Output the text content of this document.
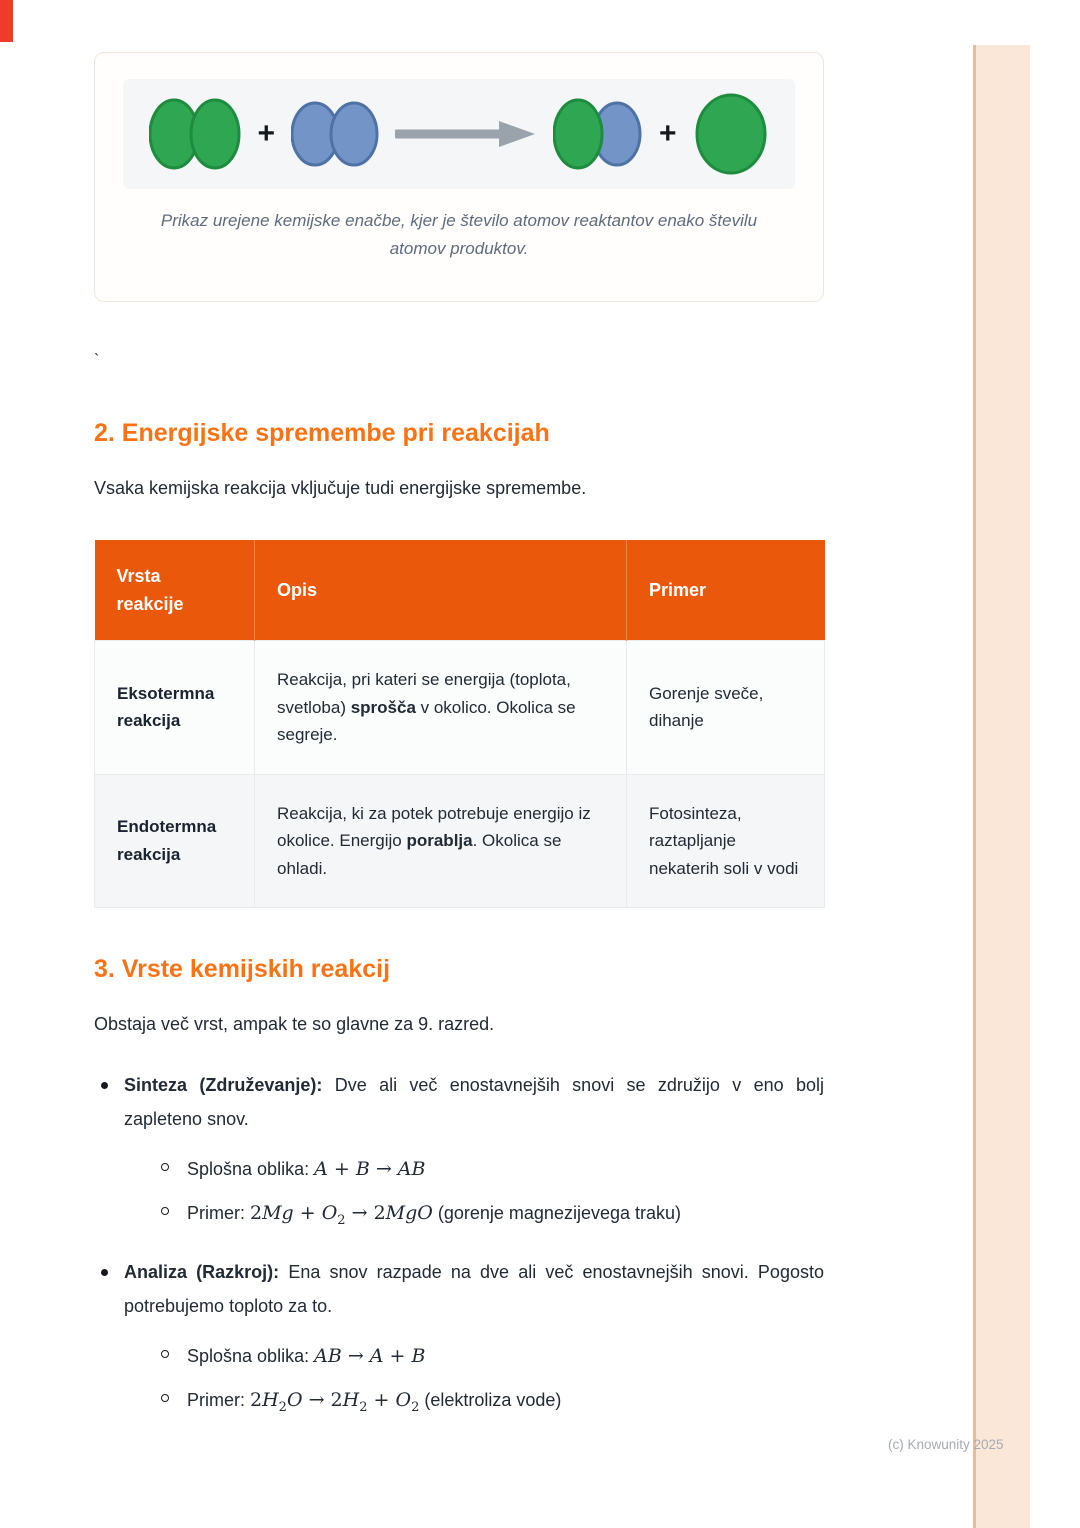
(c) Knowunity 2025
+	+
Prikaz urejene kemijske enačbe, kjer je število atomov reaktantov enako številu atomov produktov.
`
2. Energijske spremembe pri reakcijah

Vsaka kemijska reakcija vključuje tudi energijske spremembe.

Vrsta reakcije	Opis	Primer
Eksotermna reakcija	Reakcija, pri kateri se energija (toplota, svetloba) sprošča v okolico. Okolica se segreje.	Gorenje sveče, dihanje
Endotermna reakcija	Reakcija, ki za potek potrebuje energijo iz okolice. Energijo porablja. Okolica se ohladi.	Fotosinteza, raztapljanje nekaterih soli v vodi
3. Vrste kemijskih reakcij

Obstaja več vrst, ampak te so glavne za 9. razred.

Sinteza (Združevanje): Dve ali več enostavnejših snovi se združijo v eno bolj zapleteno snov.
Splošna oblika: A + B → AB
Primer: $2Mg + O_2 \to 2MgO$ (gorenje magnezijevega traku)
Analiza (Razkroj): Ena snov razpade na dve ali več enostavnejših snovi. Pogosto potrebujemo toploto za to.
Splošna oblika: AB → A + B
Primer: $2H_2O \to 2H_2 + O_2$ (elektroliza vode)
